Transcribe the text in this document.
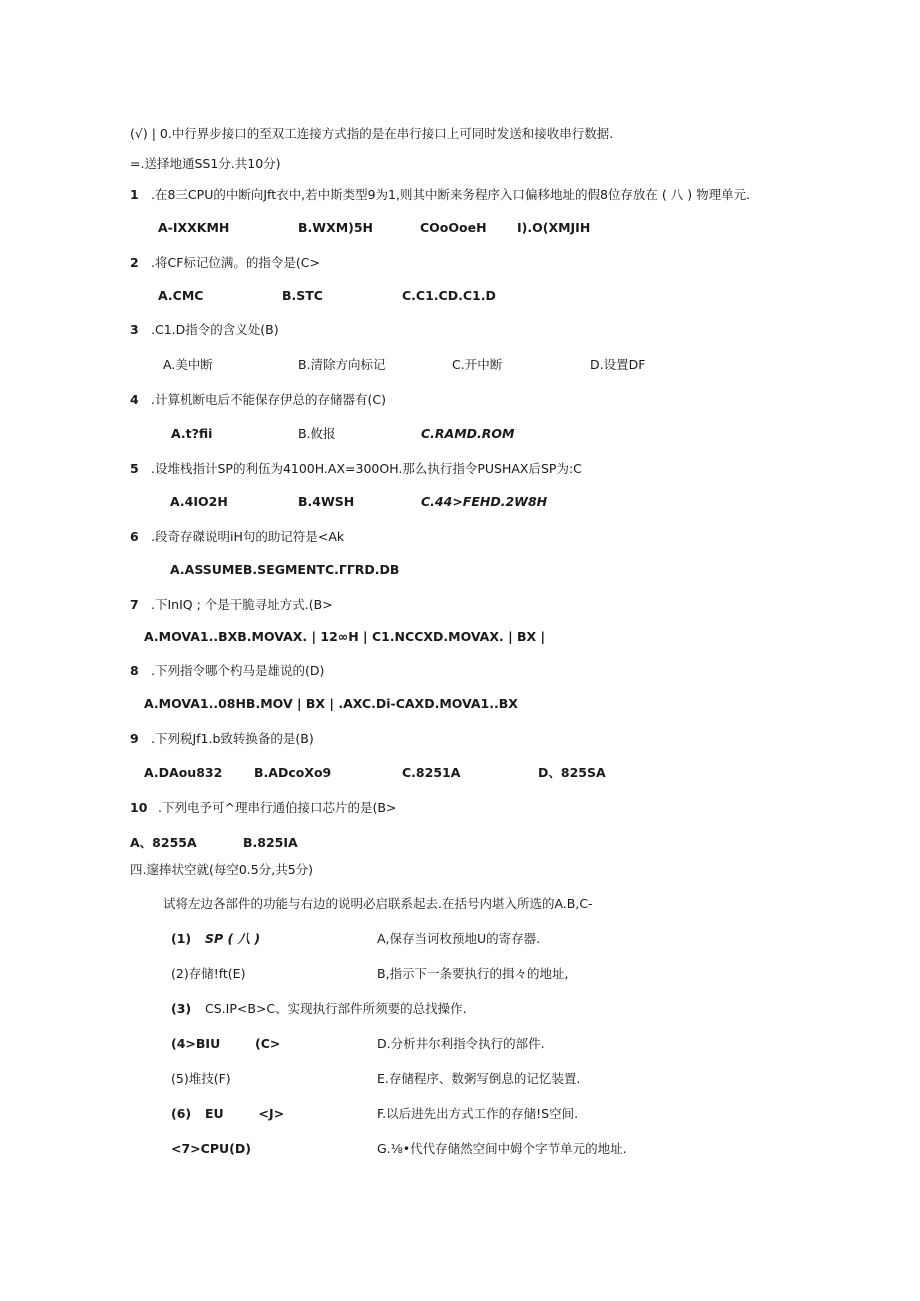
(√) | 0.中行界步接口的至双工连接方式指的是在串行接口上可同时发送和接收串行数据.
=.送择地通SS1分.共10分)
1 .在8三CPU的中断向Jft衣中,若中斯类型9为1,则其中断来务程序入口偏移地址的假8位存放在 ( 八 ) 物理单元.
A-IXXKMH	B.WXM)5H	COoOoeH I).O(XMJIH
2 .将CF标记位满。的指令是(C>
A.CMC	B.STC	C.C1.CD.C1.D
3 .C1.D指令的含义处(B)
A.美中断	B.清除方向标记	C.开中断	D.设置DF
4 .计算机断电后不能保存伊总的存储器有(C)
A.t?fii	B.攸报	C.RAMD.ROM
5 .设堆栈指计SP的利伍为4100H.AX=300OH.那么执行指令PUSHAX后SP为:C
A.4IO2H	B.4WSH	C.44>FEHD.2W8H
6 .段奇存磔说明iH句的助记符是<Ak
A.ASSUMEB.SEGMENTC.ΓΓRD.DB
7 .下InIQ ; 个是干脆寻址方式.(B>
A.MOVA1..BXB.MOVAX. | 12∞H | C1.NCCXD.MOVAX. | BX |
8 .下列指令哪个杓马是雄说的(D)
A.MOVA1..08HB.MOV | BX | .AXC.Di-CAXD.MOVA1..BX
9 .下列税Jf1.b致转换备的是(B)
A.DAou832	B.ADcoXo9	C.8251A	D、825SA
10 .下列电予可^理串行通伯接口芯片的是(B>
A、8255A	B.825IA
四.邃捧状空就(每空0.5分,共5分)
试将左边各部件的功能与右边的说明必启联系起去.在括号内堪入所选的A.B,C-
(1) SP ( 八 )	A,保存当诃枚预地U的寄存器.
(2)存储!ft(E)	B,指示下一条要执行的揖々的地址,
(3) CS.IP<B>C、实现执行部件所须要的总找操作.
(4>BIU	(C>	D.分析井尔利指令执行的部件.
(5)堆技(F)	E.存储程序、数粥写倒息的记忆装置.
(6) EU        <J>	F.以后进先出方式工作的存储!S空间.
<7>CPU(D)	G.⅛•代代存储然空间中姆个字节单元的地址.
